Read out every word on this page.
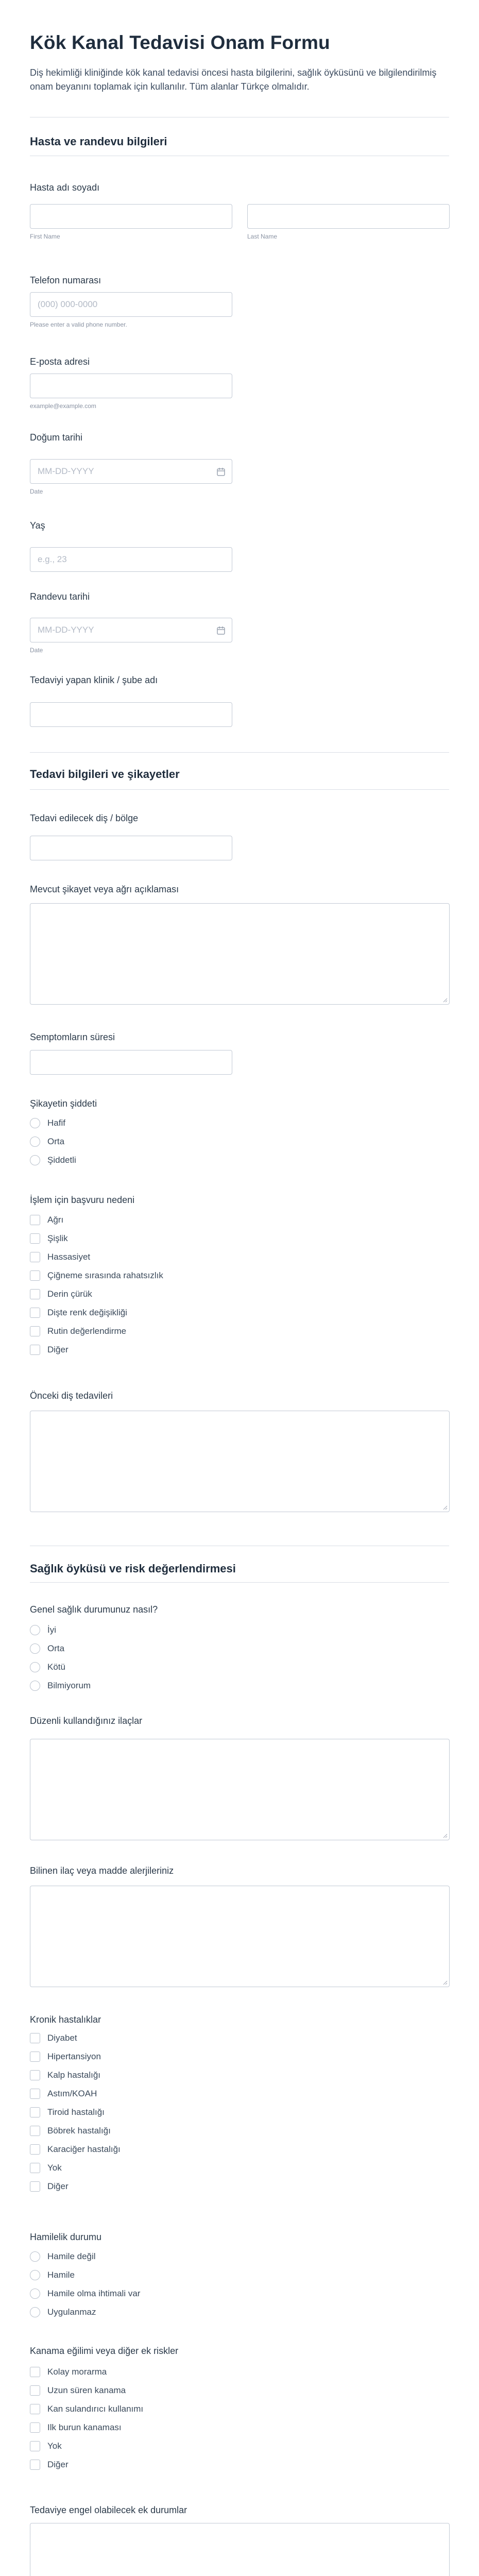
Kök Kanal Tedavisi Onam Formu
Diş hekimliği kliniğinde kök kanal tedavisi öncesi hasta bilgilerini, sağlık öyküsünü ve bilgilendirilmiş onam beyanını toplamak için kullanılır. Tüm alanlar Türkçe olmalıdır.
Hasta ve randevu bilgileri
Hasta adı soyadı
First Name	Last Name
Telefon numarası
(000) 000-0000
Please enter a valid phone number.
E-posta adresi
example@example.com
Doğum tarihi
MM-DD-YYYY
Date
Yaş
e.g., 23
Randevu tarihi
MM-DD-YYYY
Date
Tedaviyi yapan klinik / şube adı
Tedavi bilgileri ve şikayetler
Tedavi edilecek diş / bölge
Mevcut şikayet veya ağrı açıklaması
Semptomların süresi
Şikayetin şiddeti
Hafif
Orta
Şiddetli
İşlem için başvuru nedeni
Ağrı
Şişlik
Hassasiyet
Çiğneme sırasında rahatsızlık
Derin çürük
Dişte renk değişikliği
Rutin değerlendirme
Diğer
Önceki diş tedavileri
Sağlık öyküsü ve risk değerlendirmesi
Genel sağlık durumunuz nasıl?
İyi
Orta
Kötü
Bilmiyorum
Düzenli kullandığınız ilaçlar
Bilinen ilaç veya madde alerjileriniz
Kronik hastalıklar
Diyabet
Hipertansiyon
Kalp hastalığı
Astım/KOAH
Tiroid hastalığı
Böbrek hastalığı
Karaciğer hastalığı
Yok
Diğer
Hamilelik durumu
Hamile değil
Hamile
Hamile olma ihtimali var
Uygulanmaz
Kanama eğilimi veya diğer ek riskler
Kolay morarma
Uzun süren kanama
Kan sulandırıcı kullanımı
Ilk burun kanaması
Yok
Diğer
Tedaviye engel olabilecek ek durumlar
